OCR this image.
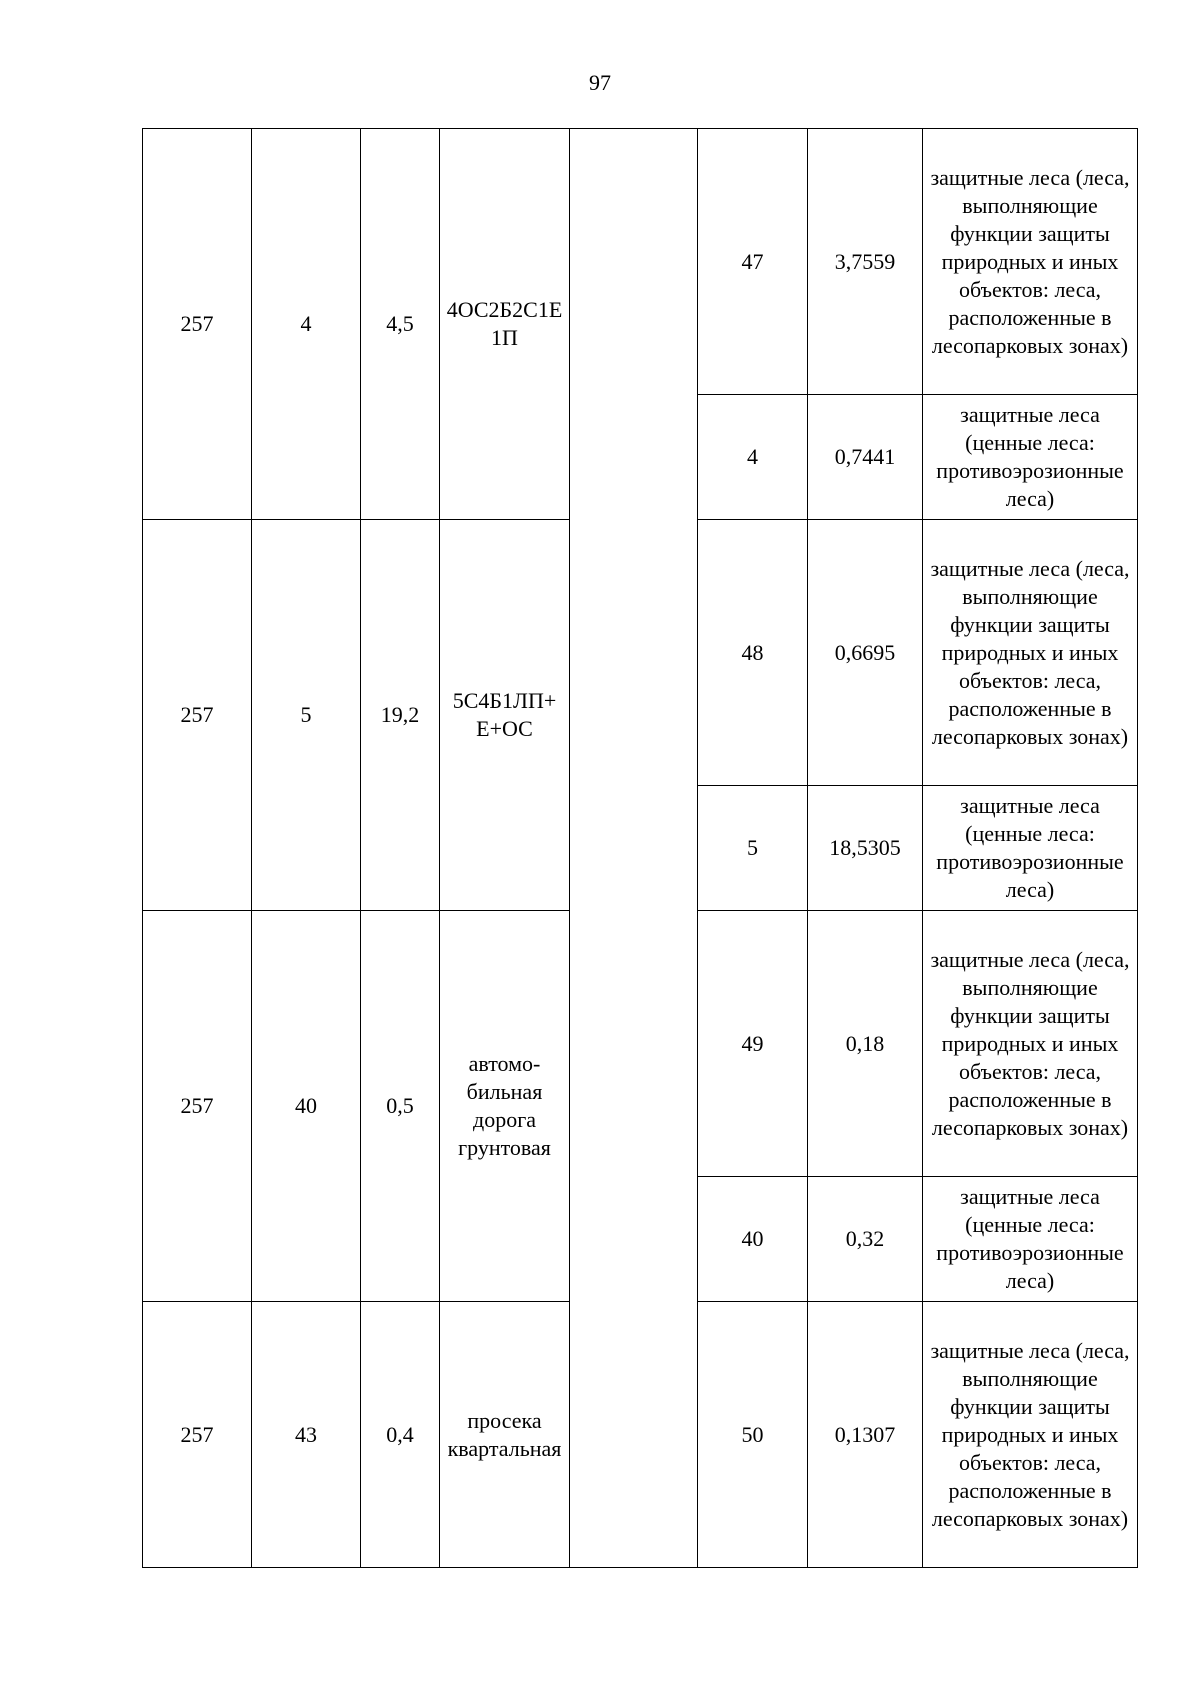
97
257	4	4,5	4ОС2Б2С1Е 1П		47	3,7559	защитные леса (леса, выполняющие функции защиты природных и иных объектов: леса, расположенные в лесопарковых зонах)
					4	0,7441	защитные леса (ценные леса: противоэрозионные леса)
257	5	19,2	5С4Б1ЛП+ Е+ОС		48	0,6695	защитные леса (леса, выполняющие функции защиты природных и иных объектов: леса, расположенные в лесопарковых зонах)
					5	18,5305	защитные леса (ценные леса: противоэрозионные леса)
257	40	0,5	автомо- бильная дорога грунтовая		49	0,18	защитные леса (леса, выполняющие функции защиты природных и иных объектов: леса, расположенные в лесопарковых зонах)
					40	0,32	защитные леса (ценные леса: противоэрозионные леса)
257	43	0,4	просека квартальная		50	0,1307	защитные леса (леса, выполняющие функции защиты природных и иных объектов: леса, расположенные в лесопарковых зонах)
